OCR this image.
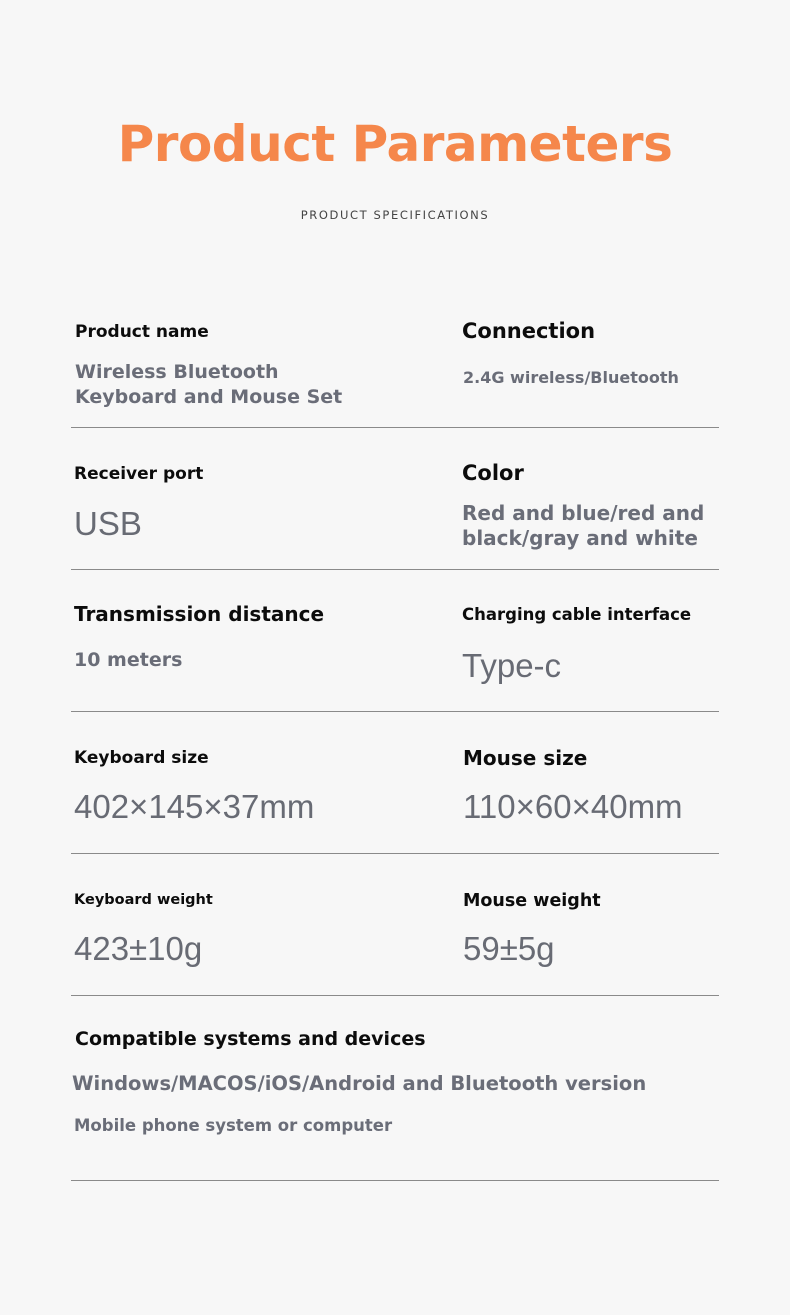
Product Parameters
PRODUCT SPECIFICATIONS
Product name
Wireless Bluetooth Keyboard and Mouse Set
Connection
2.4G wireless/Bluetooth
Receiver port
USB
Color
Red and blue/red and black/gray and white
Transmission distance
10 meters
Charging cable interface
Type-c
Keyboard size
402×145×37mm
Mouse size
110×60×40mm
Keyboard weight
423±10g
Mouse weight
59±5g
Compatible systems and devices
Windows/MACOS/iOS/Android and Bluetooth version
Mobile phone system or computer
